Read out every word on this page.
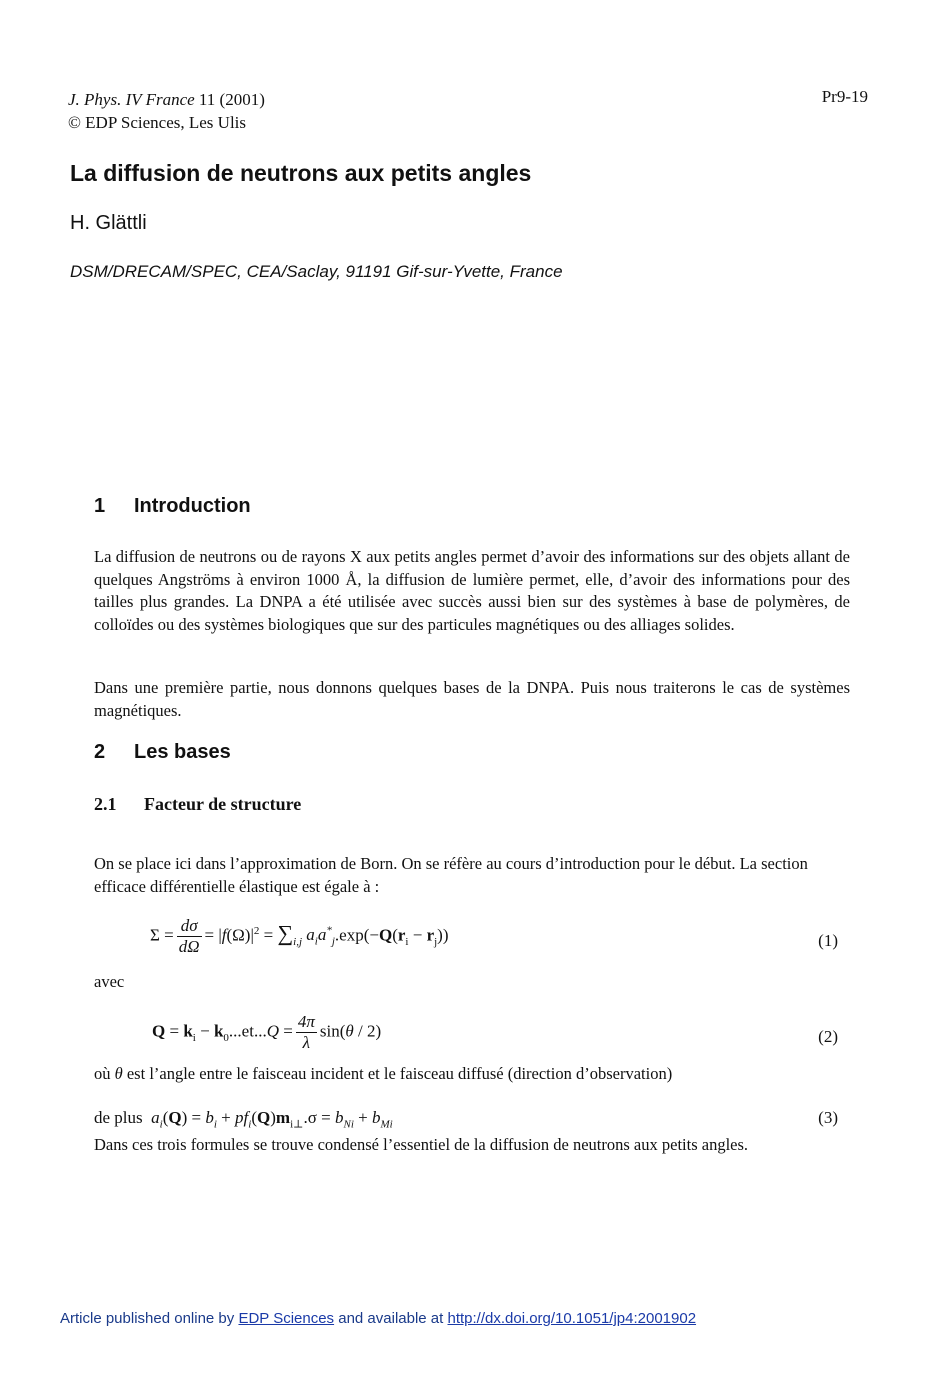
J. Phys. IV France 11 (2001)
© EDP Sciences, Les Ulis
Pr9-19
La diffusion de neutrons aux petits angles
H. Glättli
DSM/DRECAM/SPEC, CEA/Saclay, 91191 Gif-sur-Yvette, France
1 Introduction
La diffusion de neutrons ou de rayons X aux petits angles permet d’avoir des informations sur des objets allant de quelques Angströms à environ 1000 Å, la diffusion de lumière permet, elle, d’avoir des informations pour des tailles plus grandes. La DNPA a été utilisée avec succès aussi bien sur des systèmes à base de polymères, de colloïdes ou des systèmes biologiques que sur des particules magnétiques ou des alliages solides.
Dans une première partie, nous donnons quelques bases de la DNPA. Puis nous traiterons le cas de systèmes magnétiques.
2 Les bases
2.1 Facteur de structure
On se place ici dans l’approximation de Born. On se réfère au cours d’introduction pour le début. La section efficace différentielle élastique est égale à :
$\Sigma = \frac{d\sigma}{d\Omega} = |f(\Omega)|^2 = \sum_{i,j}$ $a_ia^*_j.\exp(-Q(r_i - r_j))$	(1)
avec
$Q = k_i - k_0...et...Q = \frac{4\pi}{\lambda} \sin(\theta / 2)$	(2)
où θ est l’angle entre le faisceau incident et le faisceau diffusé (direction d’observation)
de plus $a_i(Q) = b_i + pf_i(Q)m_{i\perp}.\sigma = b_{Ni} + b_{Mi}$	(3)
Dans ces trois formules se trouve condensé l’essentiel de la diffusion de neutrons aux petits angles.
Article published online by EDP Sciences and available at http://dx.doi.org/10.1051/jp4:2001902
